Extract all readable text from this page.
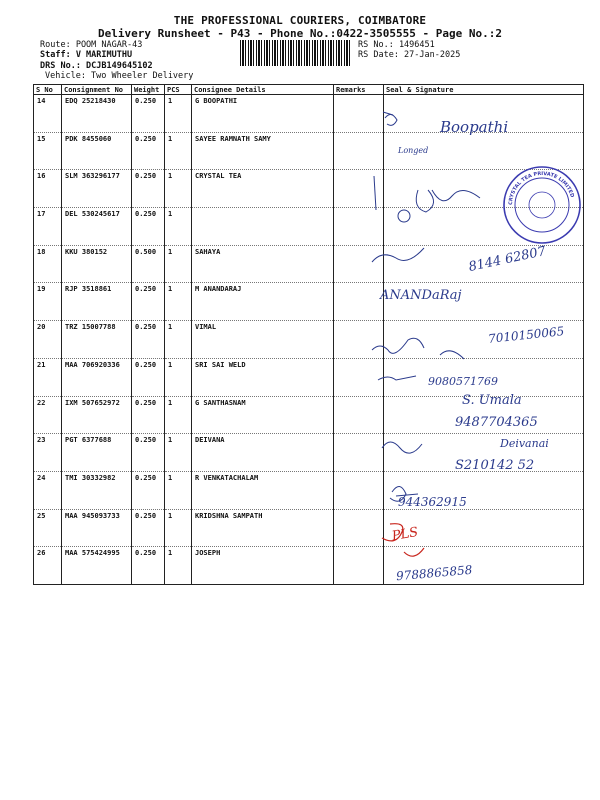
THE PROFESSIONAL COURIERS, COIMBATORE
Delivery Runsheet - P43 - Phone No.:0422-3505555 - Page No.:2
Route: POOM NAGAR-43
Staff: V MARIMUTHU
DRS No.: DCJB149645102
Vehicle: Two Wheeler Delivery
RS No.: 1496451
RS Date: 27-Jan-2025
S No	Consignment No	Weight	PCS	Consignee Details	Remarks	Seal & Signature
14	EDQ 25218430	0.250	1	G BOOPATHI		
15	PDK 8455060	0.250	1	SAYEE RAMNATH SAMY		
16	SLM 363296177	0.250	1	CRYSTAL TEA		
17	DEL 530245617	0.250	1			
18	KKU 380152	0.500	1	SAHAYA		
19	RJP 3518861	0.250	1	M ANANDARAJ		
20	TRZ 15007788	0.250	1	VIMAL		
21	MAA 706920336	0.250	1	SRI SAI WELD		
22	IXM 507652972	0.250	1	G SANTHASNAM		
23	PGT 6377688	0.250	1	DEIVANA		
24	TMI 30332982	0.250	1	R VENKATACHALAM		
25	MAA 945093733	0.250	1	KRIDSHNA SAMPATH		
26	MAA 575424995	0.250	1	JOSEPH		
CRYSTAL TEA PRIVATE LIMITED
Boopathi
Longed
8144 62807
ANANDaRaj
7010150065
9080571769
S. Umala
9487704365
Deivanai
S210142 52
944362915
PLS
9788865858
